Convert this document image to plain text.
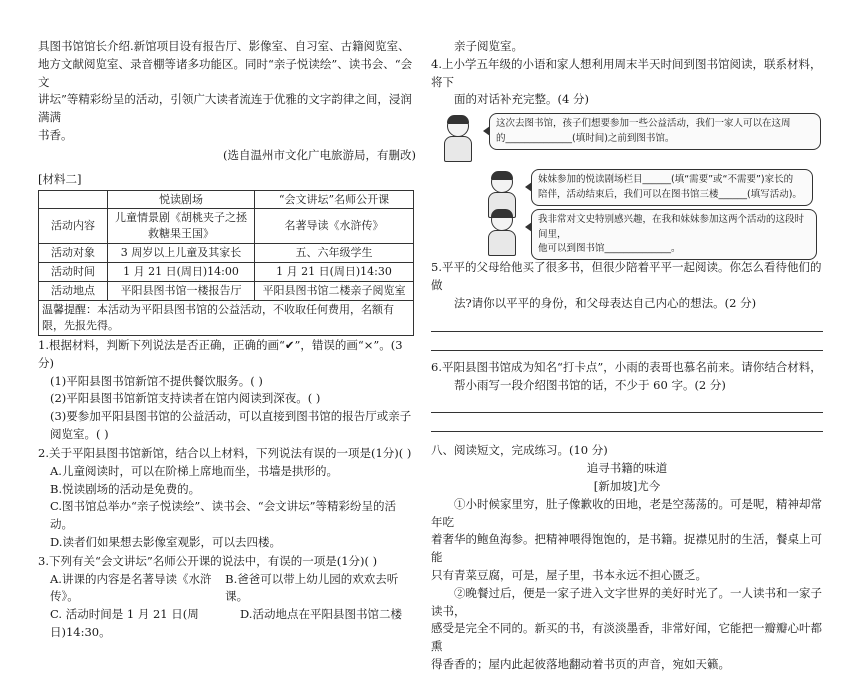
具图书馆馆长介绍.新馆项目设有报告厅、影像室、自习室、古籍阅览室、

地方文献阅览室、录音棚等诸多功能区。同时“亲子悦读绘”、读书会、“会文

讲坛”等精彩纷呈的活动，引领广大读者流连于优雅的文字韵律之间，浸润满满

书香。

(选自温州市文化广电旅游局，有删改)

[材料二]

	悦读剧场	“会文讲坛”名师公开课
活动内容	儿童情景剧《胡桃夹子之拯救糖果王国》	名著导读《水浒传》
活动对象	3 周岁以上儿童及其家长	五、六年级学生
活动时间	1 月 21 日(周日)14:00	1 月 21 日(周日)14:30
活动地点	平阳县图书馆一楼报告厅	平阳县图书馆二楼亲子阅览室
温馨提醒：本活动为平阳县图书馆的公益活动，不收取任何费用，名额有限，先报先得。		

1.根据材料，判断下列说法是否正确，正确的画“✔”，错误的画“×”。(3 分)

(1)平阳县图书馆新馆不提供餐饮服务。( )

(2)平阳县图书馆新馆支持读者在馆内阅读到深夜。( )

(3)要参加平阳县图书馆的公益活动，可以直接到图书馆的报告厅或亲子阅览室。( )

2.关于平阳县图书馆新馆，结合以上材料，下列说法有误的一项是(1分)( )

A.儿童阅读时，可以在阶梯上席地而坐，书墙是拱形的。

B.悦读剧场的活动是免费的。

C.图书馆总举办“亲子悦读绘”、读书会、“会文讲坛”等精彩纷呈的活动。

D.读者们如果想去影像室观影，可以去四楼。

3.下列有关“会文讲坛”名师公开课的说法中，有误的一项是(1分)( )

A.讲课的内容是名著导读《水浒传》。
B.爸爸可以带上幼儿园的欢欢去听课。
C. 活动时间是 1 月 21 日(周日)14:30。
D.活动地点在平阳县图书馆二楼

亲子阅览室。

4.上小学五年级的小语和家人想利用周末半天时间到图书馆阅读，联系材料，将下

面的对话补充完整。(4 分)

这次去图书馆，孩子们想要参加一些公益活动，我们一家人可以在这周
的______________(填时间)之前到图书馆。
妹妹参加的悦读剧场栏目______(填“需要”或“不需要”)家长的
陪伴，活动结束后，我们可以在图书馆三楼______(填写活动)。
我非常对文史特别感兴趣，在我和妹妹参加这两个活动的这段时间里，
他可以到图书馆______________。

5.平平的父母给他买了很多书，但很少陪着平平一起阅读。你怎么看待他们的做

法?请你以平平的身份，和父母表达自己内心的想法。(2 分)

6.平阳县图书馆成为知名“打卡点”，小雨的表哥也慕名前来。请你结合材料，

帮小雨写一段介绍图书馆的话，不少于 60 字。(2 分)

八、阅读短文，完成练习。(10 分)

追寻书籍的味道

[新加坡]尤今

①小时候家里穷，肚子像歉收的田地，老是空荡荡的。可是呢，精神却常年吃

着奢华的鲍鱼海参。把精神喂得饱饱的，是书籍。捉襟见肘的生活，餐桌上可能

只有青菜豆腐，可是，屋子里，书本永远不担心匮乏。

②晚餐过后，便是一家子进入文字世界的美好时光了。一人读书和一家子读书，

感受是完全不同的。新买的书，有淡淡墨香，非常好闻，它能把一瓣瓣心叶都熏

得香香的；屋内此起彼落地翻动着书页的声音，宛如天籁。
